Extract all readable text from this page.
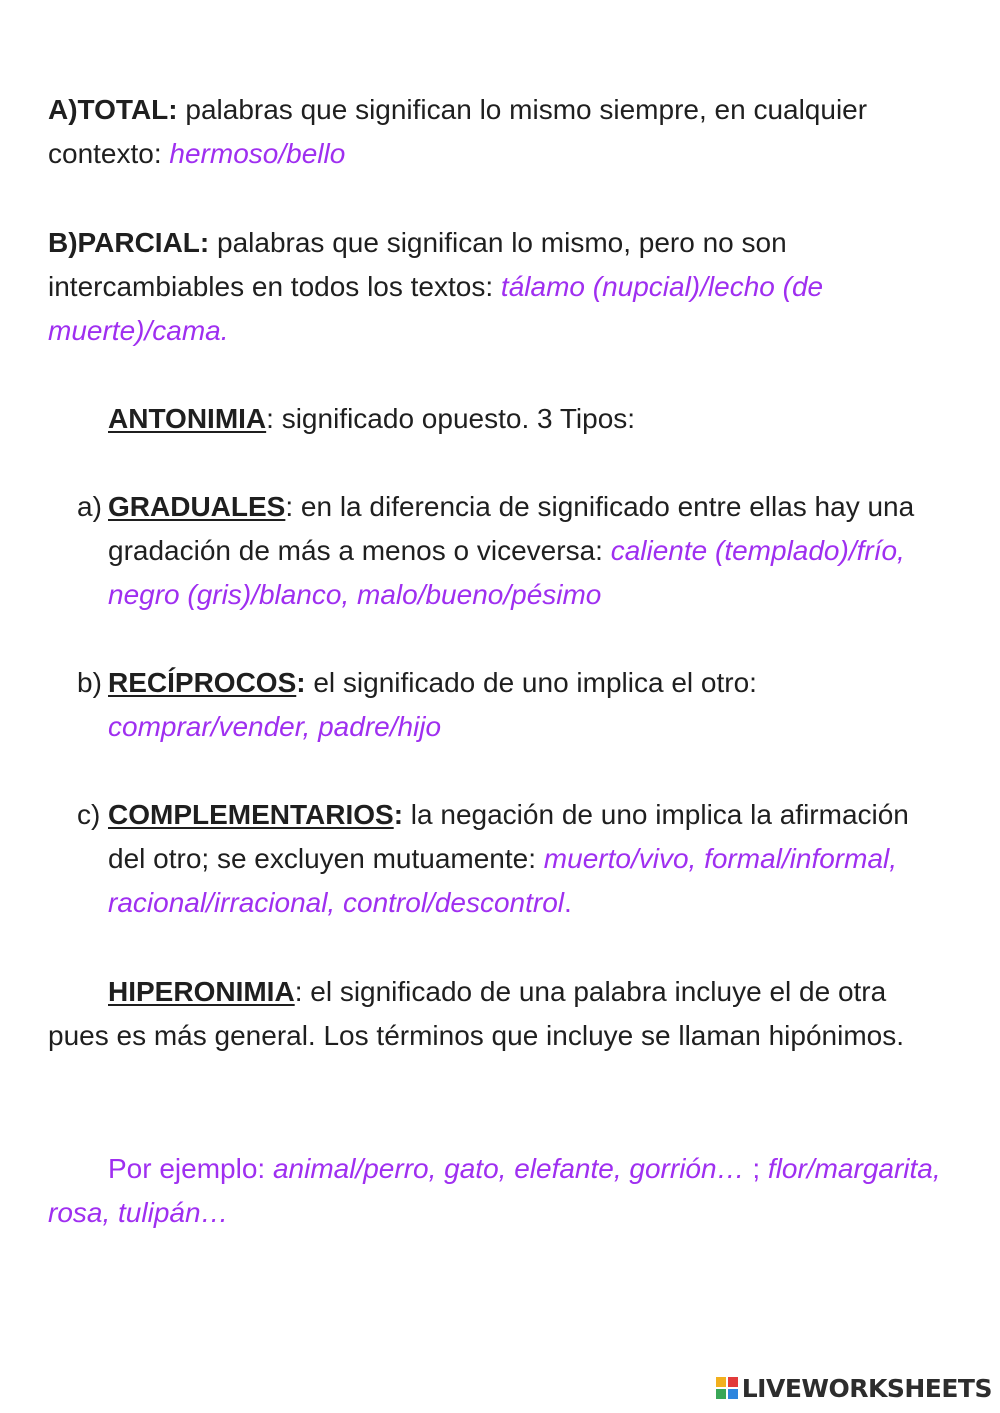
A)TOTAL: palabras que significan lo mismo siempre, en cualquier contexto: hermoso/bello

B)PARCIAL: palabras que significan lo mismo, pero no son intercambiables en todos los textos: tálamo (nupcial)/lecho (de muerte)/cama.

ANTONIMIA: significado opuesto. 3 Tipos:

a) GRADUALES: en la diferencia de significado entre ellas hay una gradación de más a menos o viceversa: caliente (templado)/frío, negro (gris)/blanco, malo/bueno/pésimo
b) RECÍPROCOS: el significado de uno implica el otro: comprar/vender, padre/hijo
c) COMPLEMENTARIOS: la negación de uno implica la afirmación del otro; se excluyen mutuamente: muerto/vivo, formal/informal, racional/irracional, control/descontrol.

HIPERONIMIA: el significado de una palabra incluye el de otra pues es más general. Los términos que incluye se llaman hipónimos.

Por ejemplo: animal/perro, gato, elefante, gorrión… ; flor/margarita, rosa, tulipán…

LIVEWORKSHEETS
